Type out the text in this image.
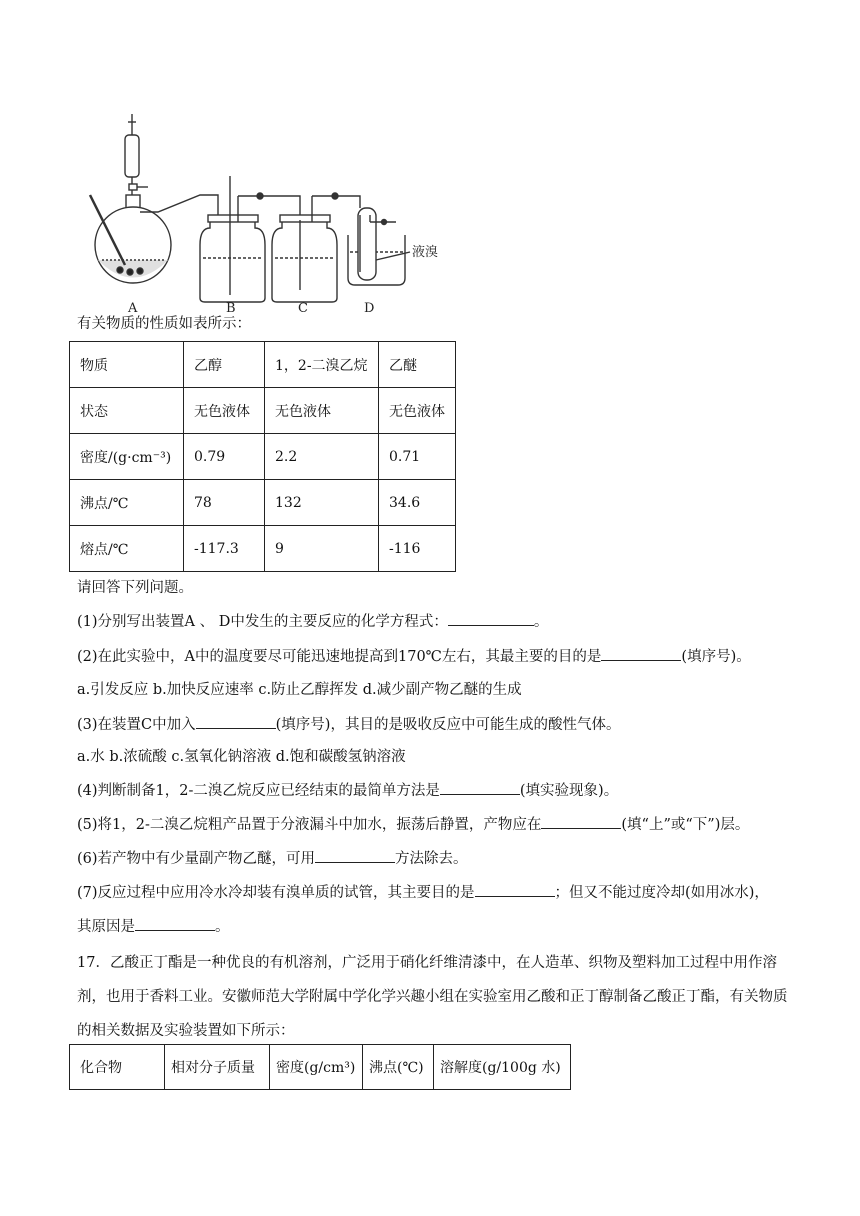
液溴
A	B	C	D
有关物质的性质如表所示：
物质	乙醇	1，2-二溴乙烷	乙醚
状态	无色液体	无色液体	无色液体
密度/(g·cm⁻³)	0.79	2.2	0.71
沸点/℃	78	132	34.6
熔点/℃	-117.3	9	-116
请回答下列问题。
(1)分别写出装置A 、 D中发生的主要反应的化学方程式：	。
(2)在此实验中，A中的温度要尽可能迅速地提高到170℃左右，其最主要的目的是	(填序号)。
a.引发反应 b.加快反应速率 c.防止乙醇挥发 d.减少副产物乙醚的生成
(3)在装置C中加入	(填序号)，其目的是吸收反应中可能生成的酸性气体。
a.水 b.浓硫酸 c.氢氧化钠溶液 d.饱和碳酸氢钠溶液
(4)判断制备1，2-二溴乙烷反应已经结束的最简单方法是	(填实验现象)。
(5)将1，2-二溴乙烷粗产品置于分液漏斗中加水，振荡后静置，产物应在	(填“上”或“下”)层。
(6)若产物中有少量副产物乙醚，可用	方法除去。
(7)反应过程中应用冷水冷却装有溴单质的试管，其主要目的是	；但又不能过度冷却(如用冰水)，
其原因是	。
17．乙酸正丁酯是一种优良的有机溶剂，广泛用于硝化纤维清漆中，在人造革、织物及塑料加工过程中用作溶剂，也用于香料工业。安徽师范大学附属中学化学兴趣小组在实验室用乙酸和正丁醇制备乙酸正丁酯，有关物质的相关数据及实验装置如下所示：
化合物	相对分子质量	密度(g/cm³)	沸点(℃)	溶解度(g/100g 水)
